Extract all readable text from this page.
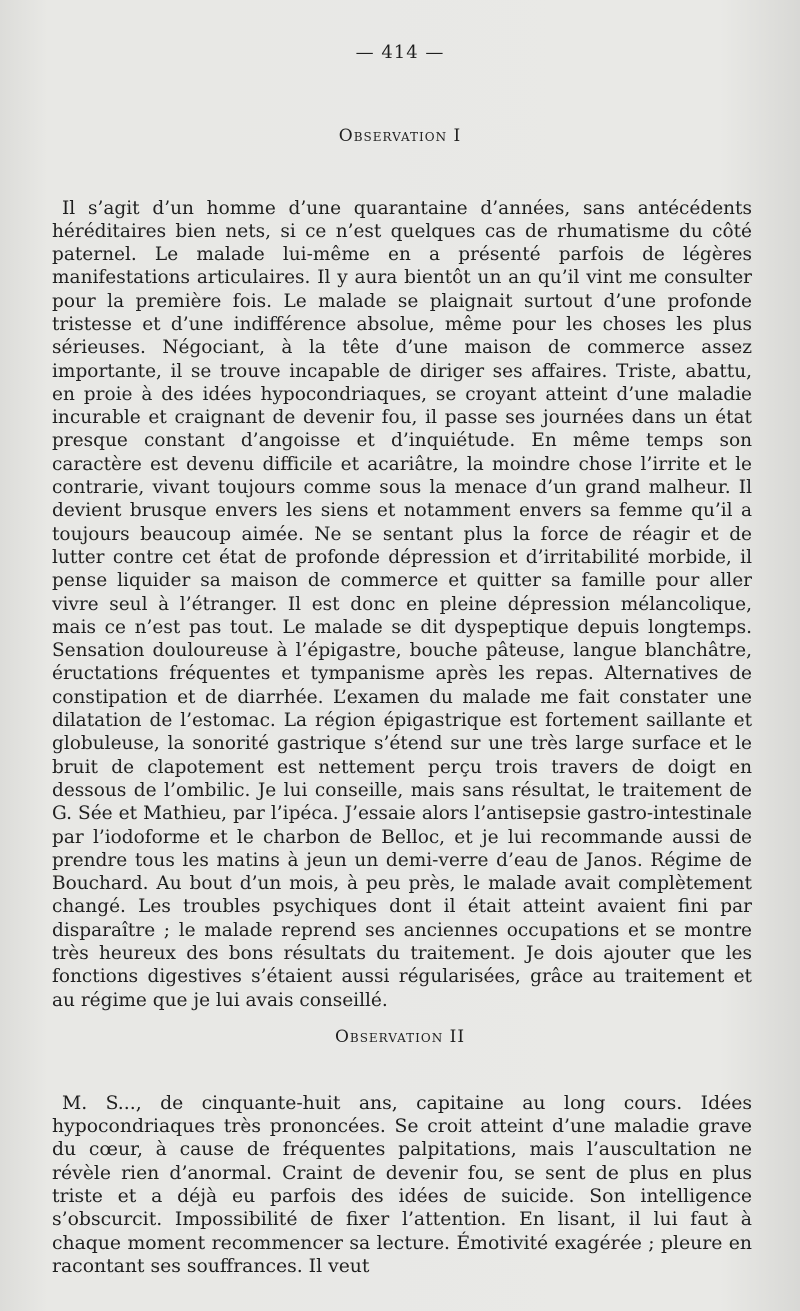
— 414 —
Observation I

Il s’agit d’un homme d’une quarantaine d’années, sans antécédents héréditaires bien nets, si ce n’est quelques cas de rhumatisme du côté paternel. Le malade lui-même en a présenté parfois de légères manifestations articulaires. Il y aura bientôt un an qu’il vint me consulter pour la première fois. Le malade se plaignait surtout d’une profonde tristesse et d’une indifférence absolue, même pour les choses les plus sérieuses. Négociant, à la tête d’une maison de commerce assez importante, il se trouve incapable de diriger ses affaires. Triste, abattu, en proie à des idées hypocondriaques, se croyant atteint d’une maladie incurable et craignant de devenir fou, il passe ses journées dans un état presque constant d’angoisse et d’inquiétude. En même temps son caractère est devenu difficile et acariâtre, la moindre chose l’irrite et le contrarie, vivant toujours comme sous la menace d’un grand malheur. Il devient brusque envers les siens et notamment envers sa femme qu’il a toujours beaucoup aimée. Ne se sentant plus la force de réagir et de lutter contre cet état de profonde dépression et d’irritabilité morbide, il pense liquider sa maison de commerce et quitter sa famille pour aller vivre seul à l’étranger. Il est donc en pleine dépression mélancolique, mais ce n’est pas tout. Le malade se dit dyspeptique depuis longtemps. Sensation douloureuse à l’épigastre, bouche pâteuse, langue blanchâtre, éructations fréquentes et tympanisme après les repas. Alternatives de constipation et de diarrhée. L’examen du malade me fait constater une dilatation de l’estomac. La région épigastrique est fortement saillante et globuleuse, la sonorité gastrique s’étend sur une très large surface et le bruit de clapotement est nettement perçu trois travers de doigt en dessous de l’ombilic. Je lui conseille, mais sans résultat, le traitement de G. Sée et Mathieu, par l’ipéca. J’essaie alors l’antisepsie gastro-intestinale par l’iodoforme et le charbon de Belloc, et je lui recommande aussi de prendre tous les matins à jeun un demi-verre d’eau de Janos. Régime de Bouchard. Au bout d’un mois, à peu près, le malade avait complètement changé. Les troubles psychiques dont il était atteint avaient fini par disparaître ; le malade reprend ses anciennes occupations et se montre très heureux des bons résultats du traitement. Je dois ajouter que les fonctions digestives s’étaient aussi régularisées, grâce au traitement et au régime que je lui avais conseillé.

Observation II

M. S..., de cinquante-huit ans, capitaine au long cours. Idées hypocondriaques très prononcées. Se croit atteint d’une maladie grave du cœur, à cause de fréquentes palpitations, mais l’auscultation ne révèle rien d’anormal. Craint de devenir fou, se sent de plus en plus triste et a déjà eu parfois des idées de suicide. Son intelligence s’obscurcit. Impossibilité de fixer l’attention. En lisant, il lui faut à chaque moment recommencer sa lecture. Émotivité exagérée ; pleure en racontant ses souffrances. Il veut
